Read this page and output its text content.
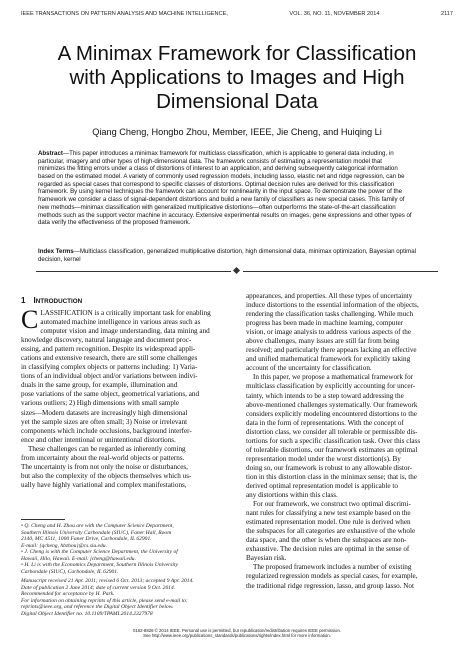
IEEE TRANSACTIONS ON PATTERN ANALYSIS AND MACHINE INTELLIGENCE,	VOL. 36, NO. 11, NOVEMBER 2014	2117
A Minimax Framework for Classification
with Applications to Images and High
Dimensional Data
Qiang Cheng, Hongbo Zhou, Member, IEEE, Jie Cheng, and Huiqing Li
Abstract—This paper introduces a minimax framework for multiclass classification, which is applicable to general data including, in
particular, imagery and other types of high-dimensional data. The framework consists of estimating a representation model that
minimizes the fitting errors under a class of distortions of interest to an application, and deriving subsequently categorical information
based on the estimated model. A variety of commonly used regression models, including lasso, elastic net and ridge regression, can be
regarded as special cases that correspond to specific classes of distortions. Optimal decision rules are derived for this classification
framework. By using kernel techniques the framework can account for nonlinearity in the input space. To demonstrate the power of the
framework we consider a class of signal-dependent distortions and build a new family of classifiers as new special cases. This family of
new methods—minimax classification with generalized multiplicative distortions—often outperforms the state-of-the-art classification
methods such as the support vector machine in accuracy. Extensive experimental results on images, gene expressions and other types of
data verify the effectiveness of the proposed framework.
Index Terms—Multiclass classification, generalized multiplicative distortion, high dimensional data, minimax optimization, Bayesian optimal
decision, kernel
1 INTRODUCTION
C LASSIFICATION is a critically important task for enabling
automated machine intelligence in various areas such as
computer vision and image understanding, data mining and
knowledge discovery, natural language and document proc-
essing, and pattern recognition. Despite its widespread appli-
cations and extensive research, there are still some challenges
in classifying complex objects or patterns including: 1) Varia-
tions of an individual object and/or variations between indivi-
duals in the same group, for example, illumination and
pose variations of the same object, geometrical variations, and
various outliers; 2) High dimensions with small sample
sizes—Modern datasets are increasingly high dimensional
yet the sample sizes are often small; 3) Noise or irrelevant
components which include occlusions, background interfer-
ence and other intentional or unintentional distortions.
These challenges can be regarded as inherently coming
from uncertainty about the real-world objects or patterns.
The uncertainty is from not only the noise or disturbances,
but also the complexity of the objects themselves which us-
ually have highly variational and complex manifestations,
• Q. Cheng and H. Zhou are with the Computer Science Department,
Southern Illinois University Carbondale (SIUC), Faner Hall, Room
2140, MC 4511, 1000 Faner Drive, Carbondale, IL 62901.
E-mail: {qcheng, hbzhou}@cs.siu.edu.
• J. Cheng is with the Computer Science Department, the University of
Hawaii, Hilo, Hawaii. E-mail: jcheng@hawaii.edu.
• H. Li is with the Economics Department, Southern Illinois University
Carbondale (SIUC), Carbondale, IL 62901.
Manuscript received 21 Apr. 2011; revised 6 Oct. 2013; accepted 9 Apr. 2014.
Date of publication 2 June 2014; date of current version 9 Oct. 2014.
Recommended for acceptance by H. Park.
For information on obtaining reprints of this article, please send e-mail to:
reprints@ieee.org, and reference the Digital Object Identifier below.
Digital Object Identifier no. 10.1109/TPAMI.2014.2327978
appearances, and properties. All these types of uncertainty
induce distortions to the essential information of the objects,
rendering the classification tasks challenging. While much
progress has been made in machine learning, computer
vision, or image analysis to address various aspects of the
above challenges, many issues are still far from being
resolved; and particularly there appears lacking an effective
and unified mathematical framework for explicitly taking
account of the uncertainty for classification.
In this paper, we propose a mathematical framework for
multiclass classification by explicitly accounting for uncer-
tainty, which intends to be a step toward addressing the
above-mentioned challenges systematically. Our framework
considers explicitly modeling encountered distortions to the
data in the form of representations. With the concept of
distortion class, we consider all tolerable or permissible dis-
tortions for such a specific classification task. Over this class
of tolerable distortions, our framework estimates an optimal
representation model under the worst distortion(s). By
doing so, our framework is robust to any allowable distor-
tion in this distortion class in the minimax sense; that is, the
derived optimal representation model is applicable to
any distortions within this class.
For our framework, we construct two optimal discrimi-
nant rules for classifying a new test example based on the
estimated representation model. One rule is derived when
the subspaces for all categories are exhaustive of the whole
data space, and the other is when the subspaces are non-
exhaustive. The decision rules are optimal in the sense of
Bayesian risk.
The proposed framework includes a number of existing
regularized regression models as special cases, for example,
the traditional ridge regression, lasso, and group lasso. Not
0162-8828 © 2014 IEEE. Personal use is permitted, but republication/redistribution requires IEEE permission.
See http://www.ieee.org/publications_standards/publications/rights/index.html for more information.
